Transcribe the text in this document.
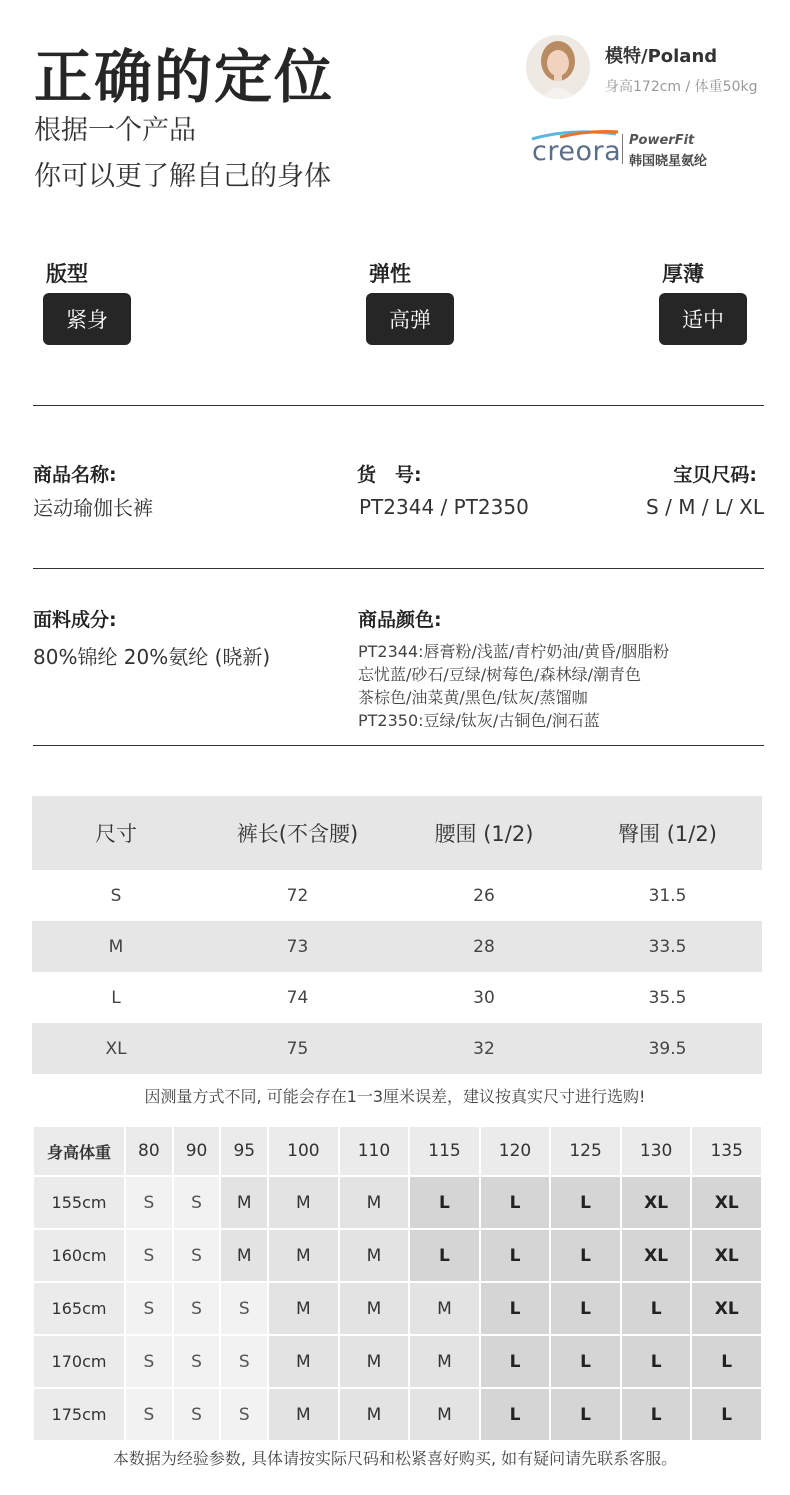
正确的定位
根据一个产品
你可以更了解自己的身体
模特/Poland
身高172cm / 体重50kg
creora PowerFit
韩国晓星氨纶
版型
紧身
弹性
高弹
厚薄
适中
商品名称:
运动瑜伽长裤
货　号:
PT2344 / PT2350
宝贝尺码:
S / M / L/ XL
面料成分:
80%锦纶 20%氨纶 (晓新)
商品颜色:
PT2344:唇膏粉/浅蓝/青柠奶油/黄昏/胭脂粉
忘忧蓝/砂石/豆绿/树莓色/森林绿/潮青色
茶棕色/油菜黄/黑色/钛灰/蒸馏咖
PT2350:豆绿/钛灰/古铜色/涧石蓝
尺寸	裤长(不含腰)	腰围 (1/2)	臀围 (1/2)
S	72	26	31.5
M	73	28	33.5
L	74	30	35.5
XL	75	32	39.5
因测量方式不同, 可能会存在1一3厘米误差，建议按真实尺寸进行选购!
身高体重	80	90	95	100	110	115	120	125	130	135
155cm	S	S	M	M	M	L	L	L	XL	XL
160cm	S	S	M	M	M	L	L	L	XL	XL
165cm	S	S	S	M	M	M	L	L	L	XL
170cm	S	S	S	M	M	M	L	L	L	L
175cm	S	S	S	M	M	M	L	L	L	L
本数据为经验参数, 具体请按实际尺码和松紧喜好购买, 如有疑问请先联系客服。
